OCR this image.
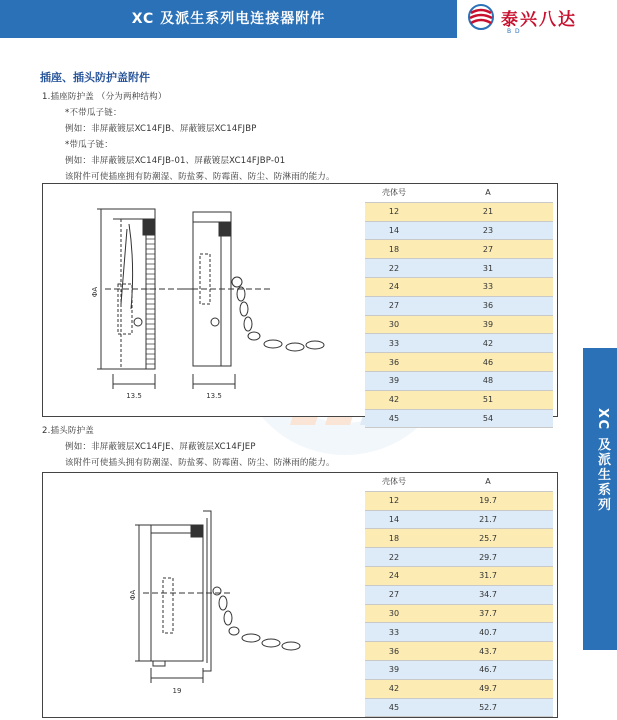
XC 及派生系列电连接器附件	泰兴八达
B D
插座、插头防护盖附件
1.插座防护盖 （分为两种结构）
*不带瓜子链：
例如：非屏蔽镀层XC14FJB、屏蔽镀层XC14FJBP
*带瓜子链：
例如：非屏蔽镀层XC14FJB-01、屏蔽镀层XC14FJBP-01
该附件可使插座拥有防潮湿、防盐雾、防霉菌、防尘、防淋雨的能力。
ΦA
13.5	13.5
壳体号	A
12	21
14	23
18	27
22	31
24	33
27	36
30	39
33	42
36	46
39	48
42	51
45	54
2.插头防护盖
例如：非屏蔽镀层XC14FJE、屏蔽镀层XC14FJEP
该附件可使插头拥有防潮湿、防盐雾、防霉菌、防尘、防淋雨的能力。
ΦA
19
壳体号	A
12	19.7
14	21.7
18	25.7
22	29.7
24	31.7
27	34.7
30	37.7
33	40.7
36	43.7
39	46.7
42	49.7
45	52.7
XC 及派生系列
